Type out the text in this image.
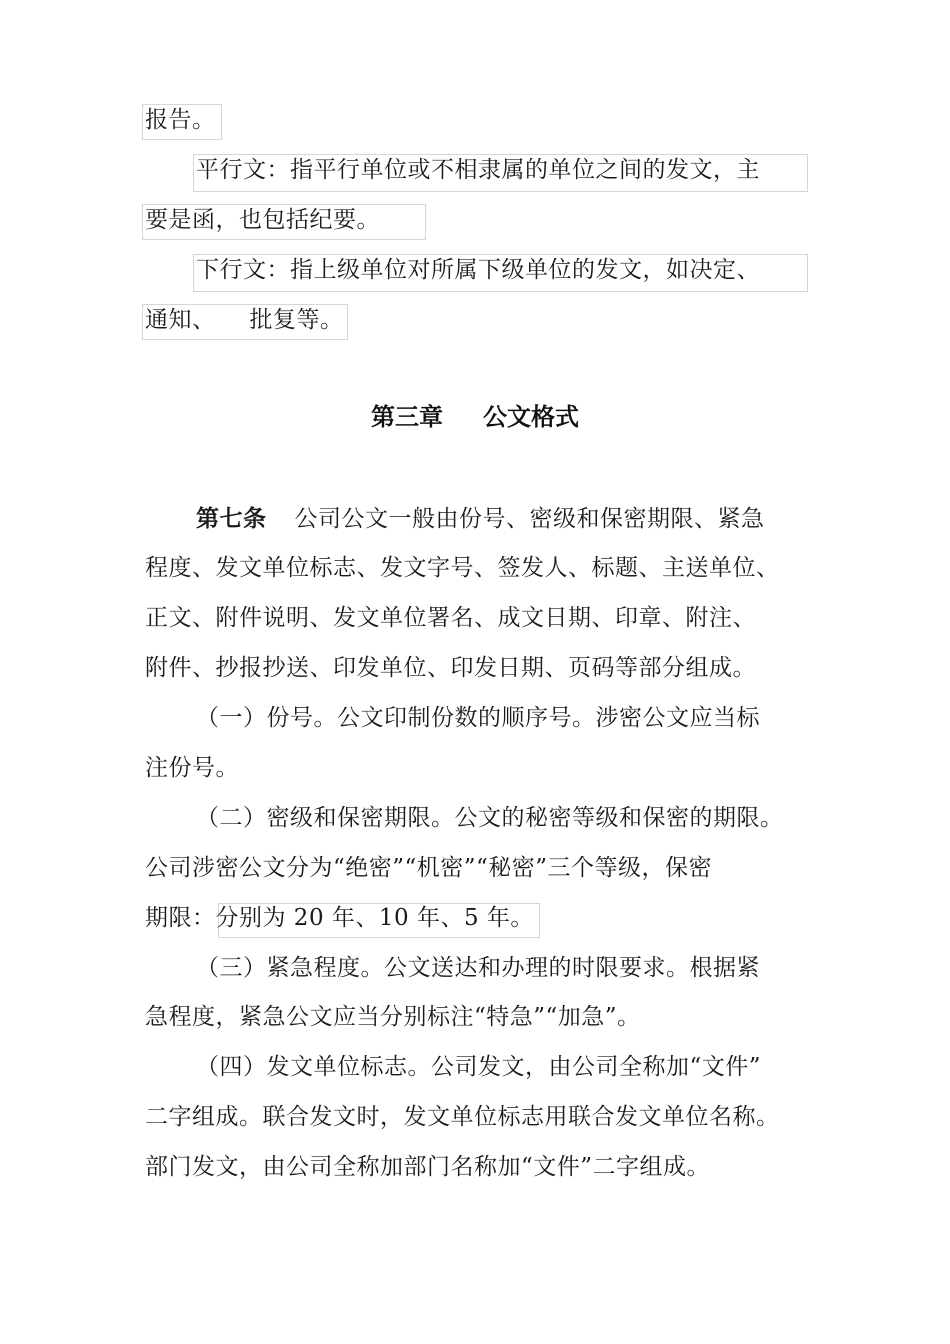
报告。
平行文：指平行单位或不相隶属的单位之间的发文，主
要是函，也包括纪要。
下行文：指上级单位对所属下级单位的发文，如决定、
通知、 批复等。
第三章 公文格式
第七条 公司公文一般由份号、密级和保密期限、紧急
程度、发文单位标志、发文字号、签发人、标题、主送单位、
正文、附件说明、发文单位署名、成文日期、印章、附注、
附件、抄报抄送、印发单位、印发日期、页码等部分组成。
（一）份号。公文印制份数的顺序号。涉密公文应当标
注份号。
（二）密级和保密期限。公文的秘密等级和保密的期限。
公司涉密公文分为“绝密”“机密”“秘密”三个等级，保密
期限：分别为 20 年、10 年、5 年。
（三）紧急程度。公文送达和办理的时限要求。根据紧
急程度，紧急公文应当分别标注“特急”“加急”。
（四）发文单位标志。公司发文，由公司全称加“文件”
二字组成。联合发文时，发文单位标志用联合发文单位名称。
部门发文，由公司全称加部门名称加“文件”二字组成。
